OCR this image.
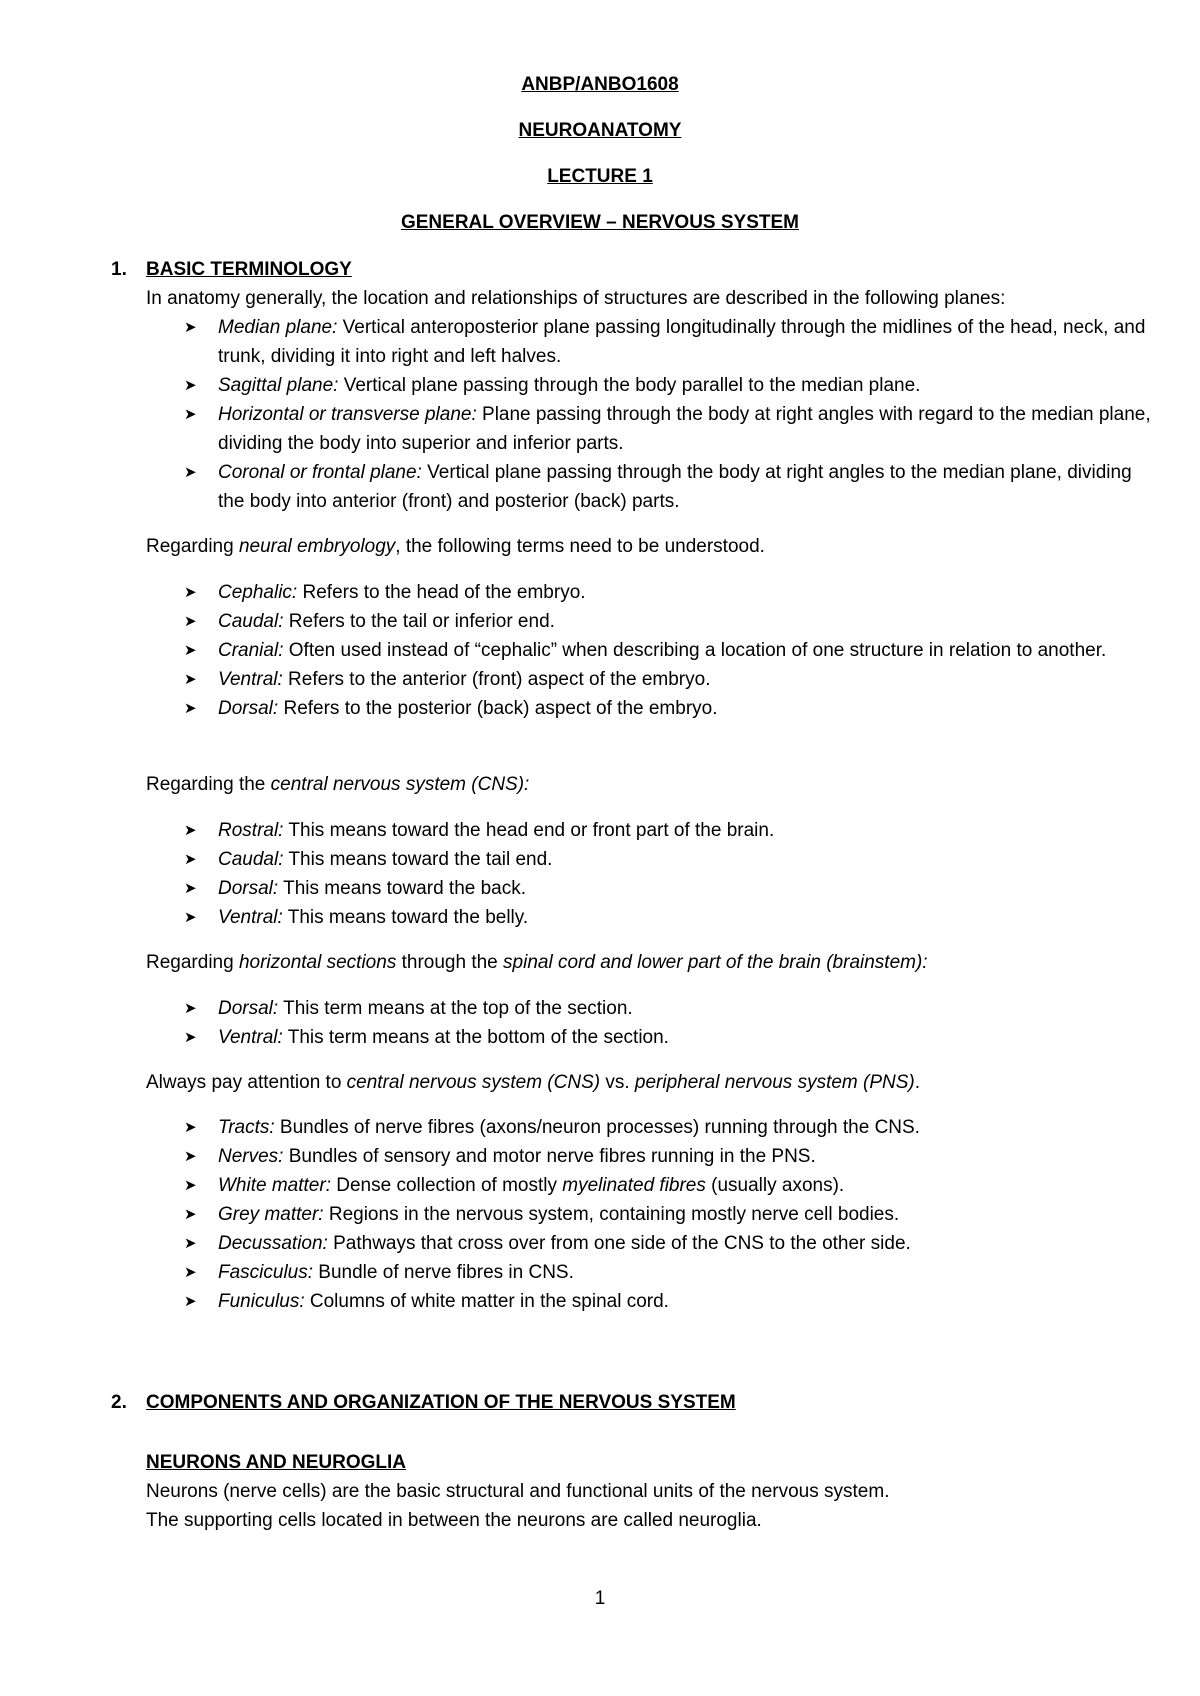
ANBP/ANBO1608
NEUROANATOMY
LECTURE 1
GENERAL OVERVIEW – NERVOUS SYSTEM
1. BASIC TERMINOLOGY
In anatomy generally, the location and relationships of structures are described in the following planes:
➤ Median plane: Vertical anteroposterior plane passing longitudinally through the midlines of the head, neck, and trunk, dividing it into right and left halves.
➤ Sagittal plane: Vertical plane passing through the body parallel to the median plane.
➤ Horizontal or transverse plane: Plane passing through the body at right angles with regard to the median plane, dividing the body into superior and inferior parts.
➤ Coronal or frontal plane: Vertical plane passing through the body at right angles to the median plane, dividing the body into anterior (front) and posterior (back) parts.
Regarding neural embryology, the following terms need to be understood.
➤ Cephalic: Refers to the head of the embryo.
➤ Caudal: Refers to the tail or inferior end.
➤ Cranial: Often used instead of “cephalic” when describing a location of one structure in relation to another.
➤ Ventral: Refers to the anterior (front) aspect of the embryo.
➤ Dorsal: Refers to the posterior (back) aspect of the embryo.
Regarding the central nervous system (CNS):
➤ Rostral: This means toward the head end or front part of the brain.
➤ Caudal: This means toward the tail end.
➤ Dorsal: This means toward the back.
➤ Ventral: This means toward the belly.
Regarding horizontal sections through the spinal cord and lower part of the brain (brainstem):
➤ Dorsal: This term means at the top of the section.
➤ Ventral: This term means at the bottom of the section.
Always pay attention to central nervous system (CNS) vs. peripheral nervous system (PNS).
➤ Tracts: Bundles of nerve fibres (axons/neuron processes) running through the CNS.
➤ Nerves: Bundles of sensory and motor nerve fibres running in the PNS.
➤ White matter: Dense collection of mostly myelinated fibres (usually axons).
➤ Grey matter: Regions in the nervous system, containing mostly nerve cell bodies.
➤ Decussation: Pathways that cross over from one side of the CNS to the other side.
➤ Fasciculus: Bundle of nerve fibres in CNS.
➤ Funiculus: Columns of white matter in the spinal cord.
2. COMPONENTS AND ORGANIZATION OF THE NERVOUS SYSTEM
NEURONS AND NEUROGLIA
Neurons (nerve cells) are the basic structural and functional units of the nervous system.
The supporting cells located in between the neurons are called neuroglia.
1
